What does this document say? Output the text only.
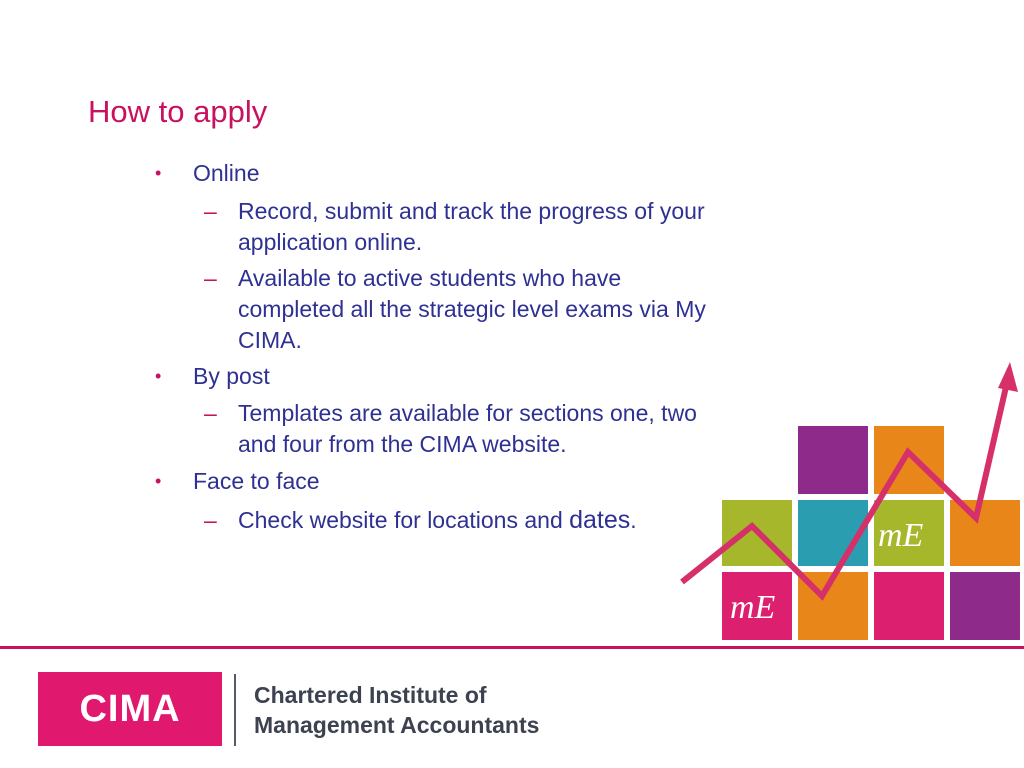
How to apply
• Online
– Record, submit and track the progress of your application online.
– Available to active students who have completed all the strategic level exams via My CIMA.
• By post
– Templates are available for sections one, two and four from the CIMA website.
• Face to face
– Check website for locations and dates.	mE
mE
CIMA	Chartered Institute of
Management Accountants
